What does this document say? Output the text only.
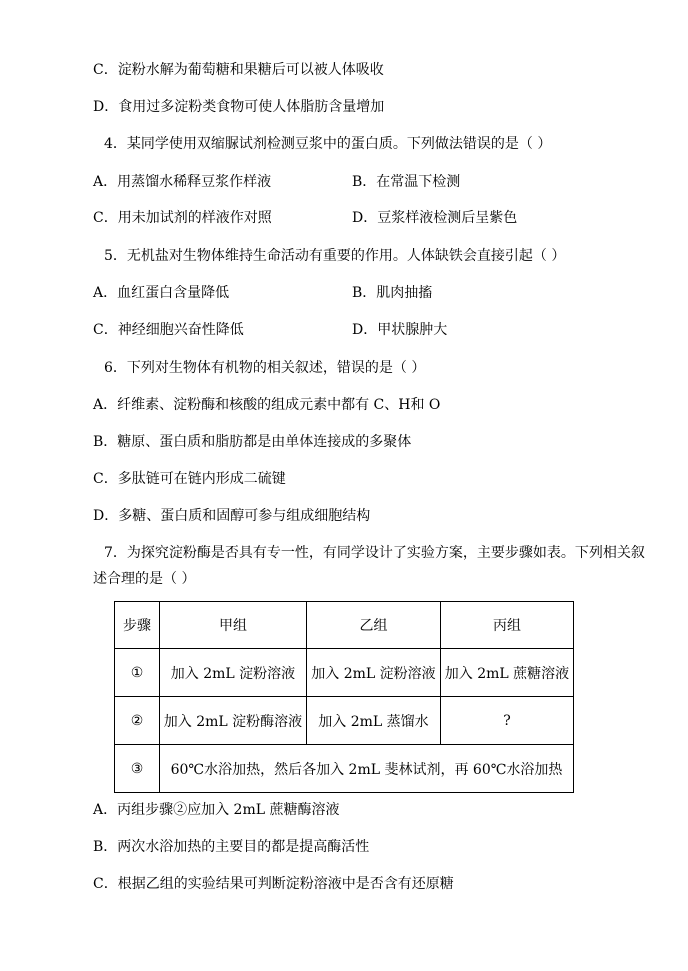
C．淀粉水解为葡萄糖和果糖后可以被人体吸收
D．食用过多淀粉类食物可使人体脂肪含量增加
4．某同学使用双缩脲试剂检测豆浆中的蛋白质。下列做法错误的是（ ）
A．用蒸馏水稀释豆浆作样液	B．在常温下检测
C．用未加试剂的样液作对照	D．豆浆样液检测后呈紫色
5．无机盐对生物体维持生命活动有重要的作用。人体缺铁会直接引起（ ）
A．血红蛋白含量降低	B．肌肉抽搐
C．神经细胞兴奋性降低	D．甲状腺肿大
6．下列对生物体有机物的相关叙述，错误的是（ ）
A．纤维素、淀粉酶和核酸的组成元素中都有 C、H和 O
B．糖原、蛋白质和脂肪都是由单体连接成的多聚体
C．多肽链可在链内形成二硫键
D．多糖、蛋白质和固醇可参与组成细胞结构
7．为探究淀粉酶是否具有专一性，有同学设计了实验方案，主要步骤如表。下列相关叙
述合理的是（ ）
步骤	甲组	乙组	丙组
①	加入 2mL 淀粉溶液	加入 2mL 淀粉溶液	加入 2mL 蔗糖溶液
②	加入 2mL 淀粉酶溶液	加入 2mL 蒸馏水	?
③	60℃水浴加热，然后各加入 2mL 斐林试剂，再 60℃水浴加热		
A．丙组步骤②应加入 2mL 蔗糖酶溶液
B．两次水浴加热的主要目的都是提高酶活性
C．根据乙组的实验结果可判断淀粉溶液中是否含有还原糖
